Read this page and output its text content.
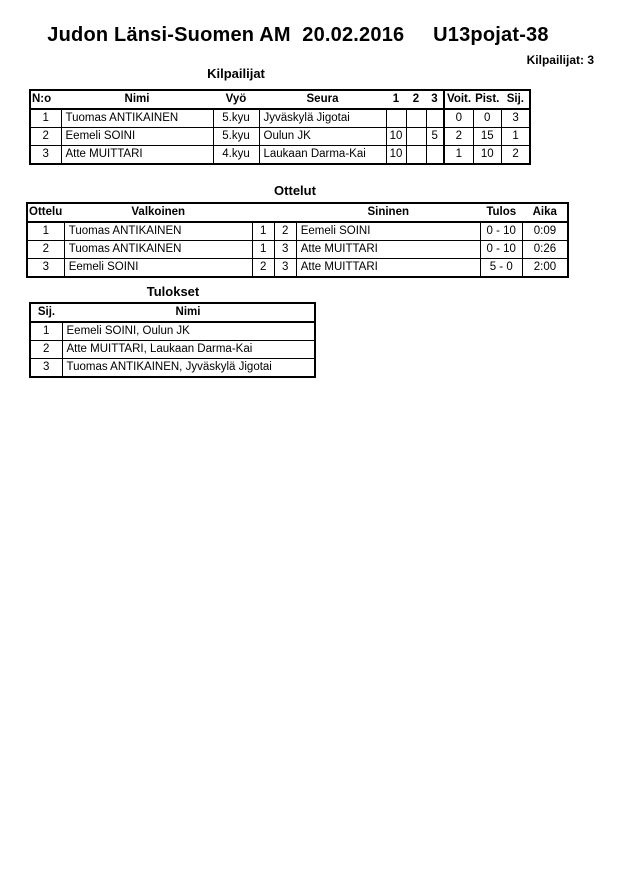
Judon Länsi-Suomen AM  20.02.2016     U13pojat-38
Kilpailijat: 3
Kilpailijat
N:o	Nimi	Vyö	Seura	1	2	3	Voit.	Pist.	Sij.
1	Tuomas ANTIKAINEN	5.kyu	Jyväskylä Jigotai				0	0	3
2	Eemeli SOINI	5.kyu	Oulun JK	10		5	2	15	1
3	Atte MUITTARI	4.kyu	Laukaan Darma-Kai	10			1	10	2
Ottelut
Ottelu	Valkoinen			Sininen	Tulos	Aika
1	Tuomas ANTIKAINEN	1	2	Eemeli SOINI	0 - 10	0:09
2	Tuomas ANTIKAINEN	1	3	Atte MUITTARI	0 - 10	0:26
3	Eemeli SOINI	2	3	Atte MUITTARI	5 - 0	2:00
Tulokset
Sij.	Nimi
1	Eemeli SOINI, Oulun JK
2	Atte MUITTARI, Laukaan Darma-Kai
3	Tuomas ANTIKAINEN, Jyväskylä Jigotai
